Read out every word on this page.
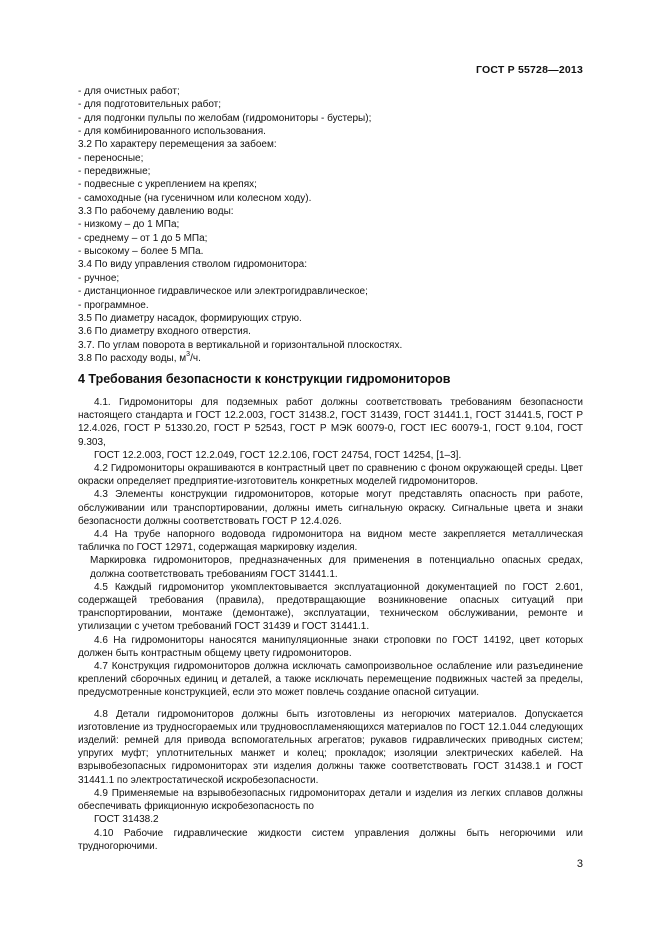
ГОСТ Р 55728—2013
- для очистных работ;
- для подготовительных работ;
- для подгонки пульпы по желобам (гидромониторы - бустеры);
- для комбинированного использования.
3.2 По характеру перемещения за забоем:
- переносные;
- передвижные;
- подвесные с укреплением на крепях;
- самоходные (на гусеничном или колесном ходу).
3.3 По рабочему давлению воды:
- низкому – до 1 МПа;
- среднему – от 1 до 5 МПа;
- высокому – более 5 МПа.
3.4 По виду управления стволом гидромонитора:
- ручное;
- дистанционное гидравлическое или электрогидравлическое;
- программное.
3.5 По диаметру насадок, формирующих струю.
3.6 По диаметру входного отверстия.
3.7. По углам поворота в вертикальной и горизонтальной плоскостях.
3.8 По расходу воды, $м^3/ч$.
4 Требования безопасности к конструкции гидромониторов
4.1. Гидромониторы для подземных работ должны соответствовать требованиям безопасности настоящего стандарта и ГОСТ 12.2.003, ГОСТ 31438.2, ГОСТ 31439, ГОСТ 31441.1, ГОСТ 31441.5, ГОСТ Р 12.4.026, ГОСТ Р 51330.20, ГОСТ Р 52543, ГОСТ Р МЭК 60079-0, ГОСТ IEC 60079-1, ГОСТ 9.104, ГОСТ 9.303,
ГОСТ 12.2.003, ГОСТ 12.2.049, ГОСТ 12.2.106, ГОСТ 24754, ГОСТ 14254, [1–3].
4.2 Гидромониторы окрашиваются в контрастный цвет по сравнению с фоном окружающей среды. Цвет окраски определяет предприятие-изготовитель конкретных моделей гидромониторов.
4.3 Элементы конструкции гидромониторов, которые могут представлять опасность при работе, обслуживании или транспортировании, должны иметь сигнальную окраску. Сигнальные цвета и знаки безопасности должны соответствовать ГОСТ Р 12.4.026.
4.4 На трубе напорного водовода гидромонитора на видном месте закрепляется металлическая табличка по ГОСТ 12971, содержащая маркировку изделия.
Маркировка гидромониторов, предназначенных для применения в потенциально опасных средах, должна соответствовать требованиям ГОСТ 31441.1.
4.5 Каждый гидромонитор укомплектовывается эксплуатационной документацией по ГОСТ 2.601, содержащей требования (правила), предотвращающие возникновение опасных ситуаций при транспортировании, монтаже (демонтаже), эксплуатации, техническом обслуживании, ремонте и утилизации с учетом требований ГОСТ 31439 и ГОСТ 31441.1.
4.6 На гидромониторы наносятся манипуляционные знаки строповки по ГОСТ 14192, цвет которых должен быть контрастным общему цвету гидромониторов.
4.7 Конструкция гидромониторов должна исключать самопроизвольное ослабление или разъединение креплений сборочных единиц и деталей, а также исключать перемещение подвижных частей за пределы, предусмотренные конструкцией, если это может повлечь создание опасной ситуации.
4.8 Детали гидромониторов должны быть изготовлены из негорючих материалов. Допускается изготовление из трудносгораемых или трудновоспламеняющихся материалов по ГОСТ 12.1.044 следующих изделий: ремней для привода вспомогательных агрегатов; рукавов гидравлических приводных систем; упругих муфт; уплотнительных манжет и колец; прокладок; изоляции электрических кабелей. На взрывобезопасных гидромониторах эти изделия должны также соответствовать ГОСТ 31438.1 и ГОСТ 31441.1 по электростатической искробезопасности.
4.9 Применяемые на взрывобезопасных гидромониторах детали и изделия из легких сплавов должны обеспечивать фрикционную искробезопасность по
ГОСТ 31438.2
4.10 Рабочие гидравлические жидкости систем управления должны быть негорючими или трудногорючими.
3
